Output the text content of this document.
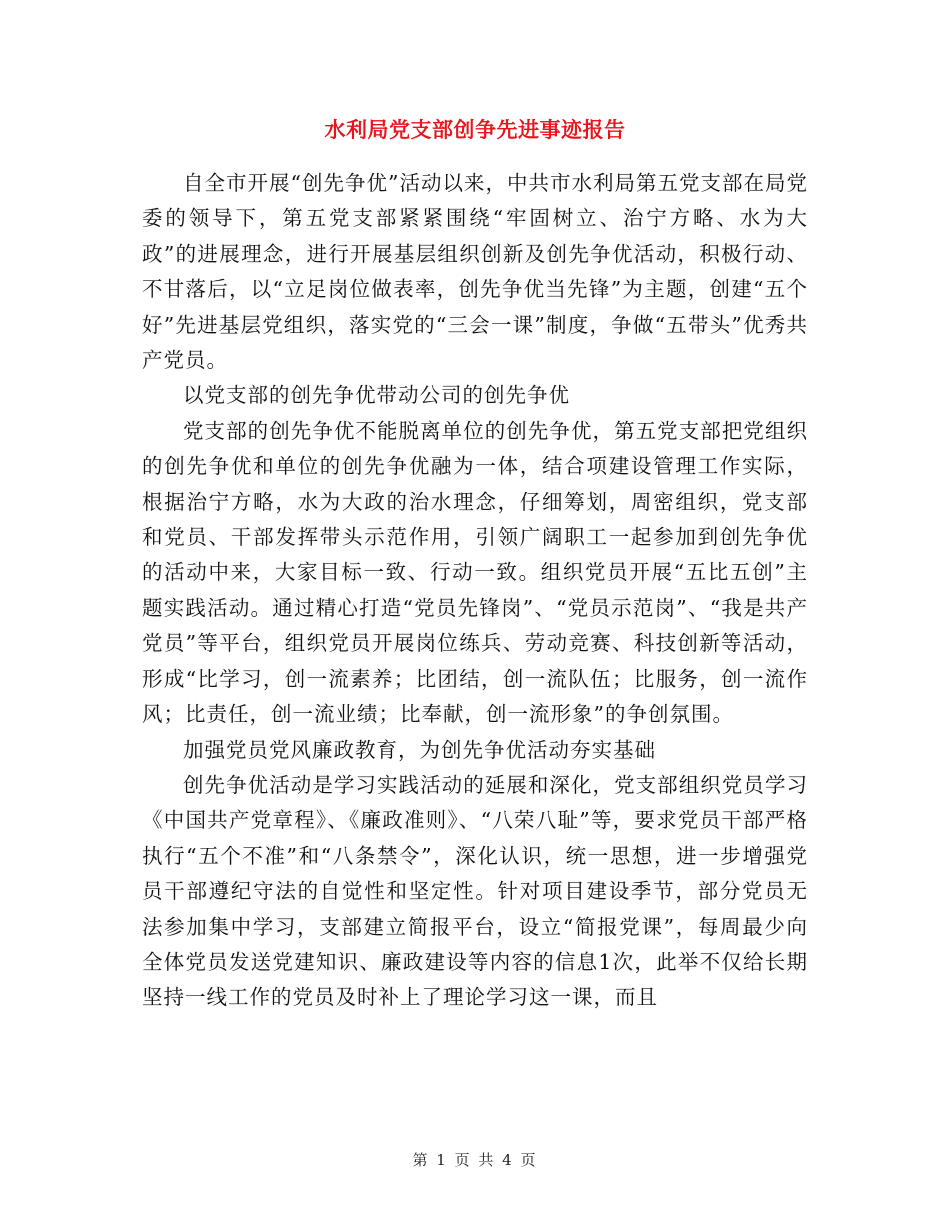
水利局党支部创争先进事迹报告

自全市开展“创先争优”活动以来，中共市水利局第五党支部在局党委的领导下，第五党支部紧紧围绕“牢固树立、治宁方略、水为大政”的进展理念，进行开展基层组织创新及创先争优活动，积极行动、不甘落后，以“立足岗位做表率，创先争优当先锋”为主题，创建“五个好”先进基层党组织，落实党的“三会一课”制度，争做“五带头”优秀共产党员。

以党支部的创先争优带动公司的创先争优

党支部的创先争优不能脱离单位的创先争优，第五党支部把党组织的创先争优和单位的创先争优融为一体，结合项建设管理工作实际，根据治宁方略，水为大政的治水理念，仔细筹划，周密组织，党支部和党员、干部发挥带头示范作用，引领广阔职工一起参加到创先争优的活动中来，大家目标一致、行动一致。组织党员开展“五比五创”主题实践活动。通过精心打造“党员先锋岗”、“党员示范岗”、“我是共产党员”等平台，组织党员开展岗位练兵、劳动竞赛、科技创新等活动，形成“比学习，创一流素养；比团结，创一流队伍；比服务，创一流作风；比责任，创一流业绩；比奉献，创一流形象”的争创氛围。

加强党员党风廉政教育，为创先争优活动夯实基础

创先争优活动是学习实践活动的延展和深化，党支部组织党员学习《中国共产党章程》、《廉政准则》、“八荣八耻”等，要求党员干部严格执行“五个不准”和“八条禁令”，深化认识，统一思想，进一步增强党员干部遵纪守法的自觉性和坚定性。针对项目建设季节，部分党员无法参加集中学习，支部建立简报平台，设立“简报党课”，每周最少向全体党员发送党建知识、廉政建设等内容的信息1次，此举不仅给长期坚持一线工作的党员及时补上了理论学习这一课，而且

第 1 页 共 4 页
